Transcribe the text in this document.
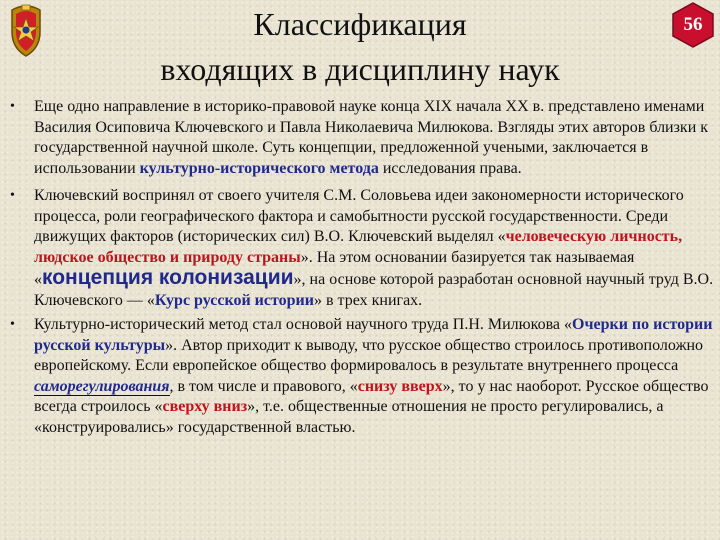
Классификация
входящих в дисциплину наук
56
• Еще одно направление в историко-правовой науке конца XIX начала XX в. представлено именами Василия Осиповича Ключевского и Павла Николаевича Милюкова. Взгляды этих авторов близки к государственной научной школе. Суть концепции, предложенной учеными, заключается в использовании культурно-исторического метода исследования права.
• Ключевский воспринял от своего учителя С.М. Соловьева идеи закономерности исторического процесса, роли географического фактора и самобытности русской государственности. Среди движущих факторов (исторических сил) В.О. Ключевский выделял «человеческую личность, людское общество и природу страны». На этом основании базируется так называемая «концепция колонизации», на основе которой разработан основной научный труд В.О. Ключевского — «Курс русской истории» в трех книгах.
• Культурно-исторический метод стал основой научного труда П.Н. Милюкова «Очерки по истории русской культуры». Автор приходит к выводу, что русское общество строилось противоположно европейскому. Если европейское общество формировалось в результате внутреннего процесса саморегулирования, в том числе и правового, «снизу вверх», то у нас наоборот. Русское общество всегда строилось «сверху вниз», т.е. общественные отношения не просто регулировались, а «конструировались» государственной властью.
